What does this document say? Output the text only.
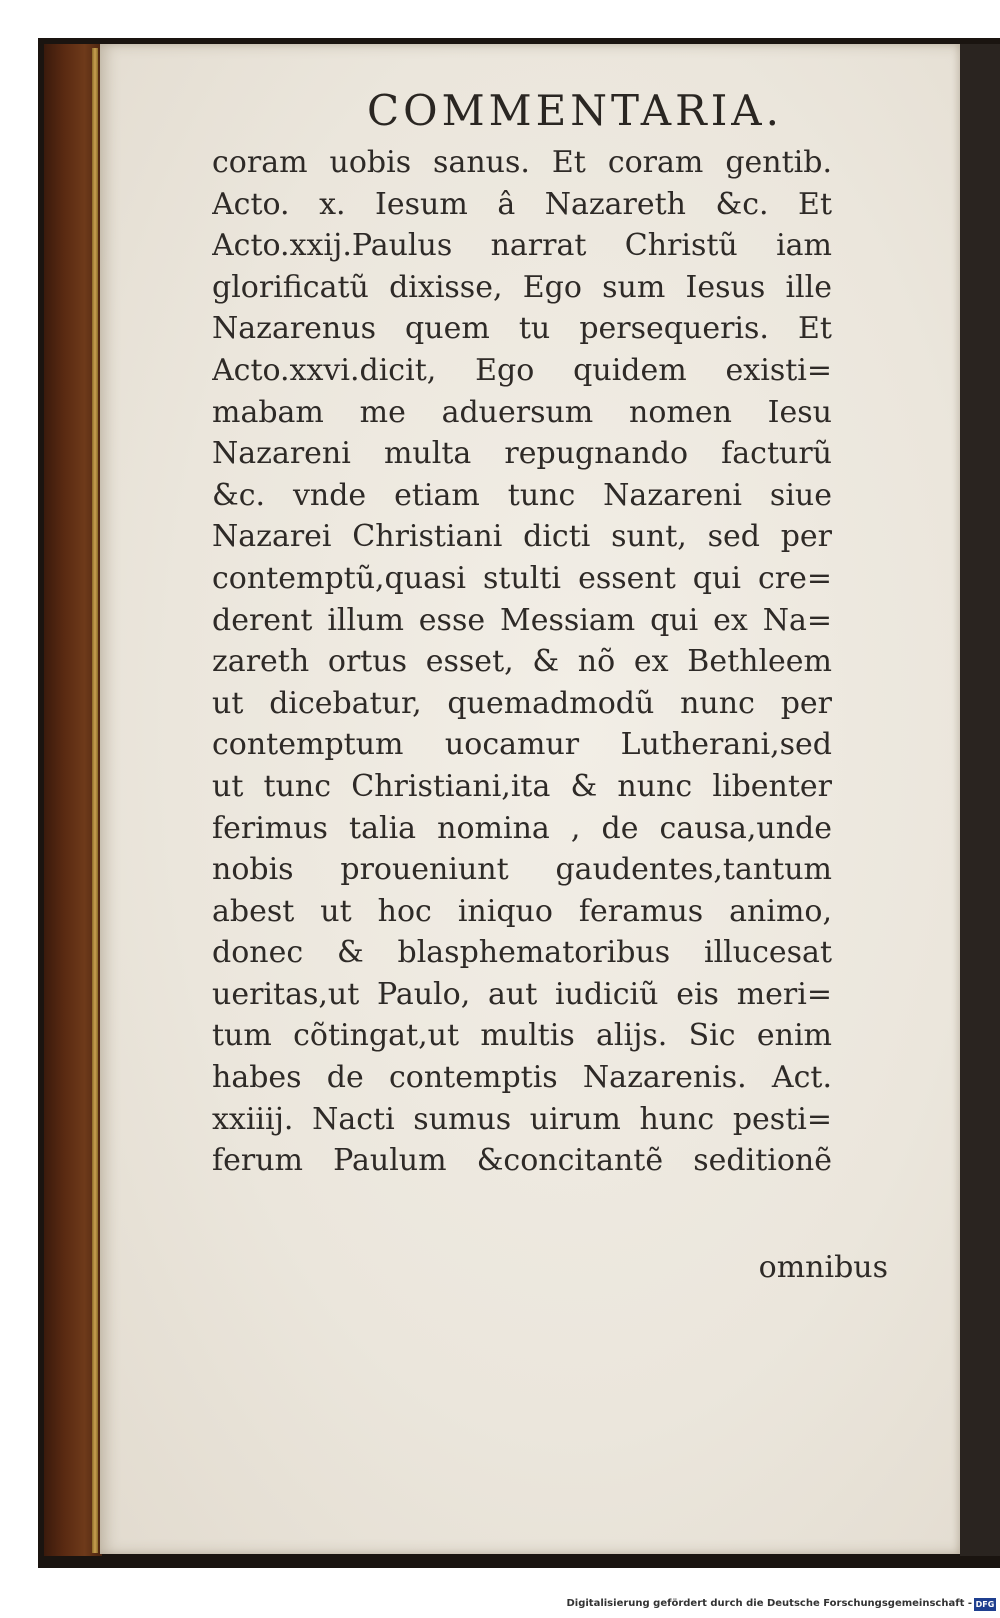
COMMENTARIA.
coram uobis sanus. Et coram gentib.
Acto. x. Iesum â Nazareth &c. Et
Acto.xxij.Paulus narrat Christũ iam
glorificatũ dixisse, Ego sum Iesus ille
Nazarenus quem tu persequeris. Et
Acto.xxvi.dicit, Ego quidem existi=
mabam me aduersum nomen Iesu
Nazareni multa repugnando facturũ
&c. vnde etiam tunc Nazareni siue
Nazarei Christiani dicti sunt, sed per
contemptũ,quasi stulti essent qui cre=
derent illum esse Messiam qui ex Na=
zareth ortus esset, & nõ ex Bethleem
ut dicebatur, quemadmodũ nunc per
contemptum uocamur Lutherani,sed
ut tunc Christiani,ita & nunc libenter
ferimus talia nomina , de causa,unde
nobis proueniunt gaudentes,tantum
abest ut hoc iniquo feramus animo,
donec & blasphematoribus illucesat
ueritas,ut Paulo, aut iudiciũ eis meri=
tum cõtingat,ut multis alijs. Sic enim
habes de contemptis Nazarenis. Act.
xxiiij. Nacti sumus uirum hunc pesti=
ferum Paulum &concitantẽ seditionẽ
omnibus
Digitalisierung gefördert durch die Deutsche Forschungsgemeinschaft - DFG
